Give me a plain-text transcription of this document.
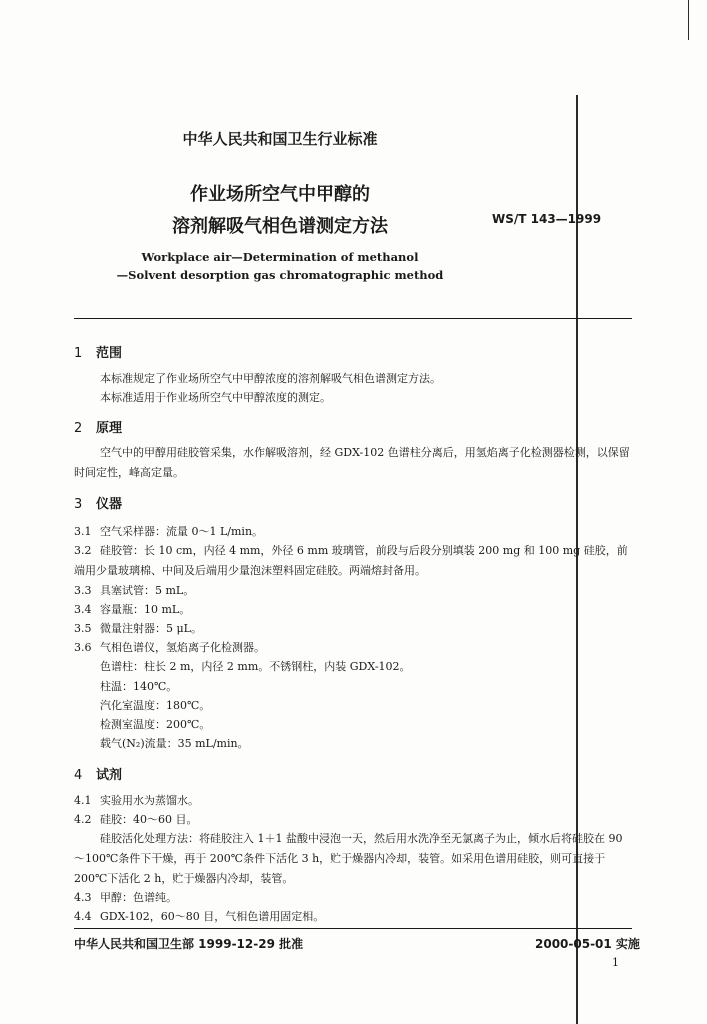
中华人民共和国卫生行业标准
作业场所空气中甲醇的
溶剂解吸气相色谱测定方法	WS/T 143—1999
Workplace air—Determination of methanol
—Solvent desorption gas chromatographic method
1 范围
本标准规定了作业场所空气中甲醇浓度的溶剂解吸气相色谱测定方法。
本标准适用于作业场所空气中甲醇浓度的测定。
2 原理
空气中的甲醇用硅胶管采集，水作解吸溶剂，经 GDX-102 色谱柱分离后，用氢焰离子化检测器检测，以保留时间定性，峰高定量。
3 仪器
3.1 空气采样器：流量 0～1 L/min。
3.2 硅胶管：长 10 cm，内径 4 mm，外径 6 mm 玻璃管，前段与后段分别填装 200 mg 和 100 mg 硅胶，前端用少量玻璃棉、中间及后端用少量泡沫塑料固定硅胶。两端熔封备用。
3.3 具塞试管：5 mL。
3.4 容量瓶：10 mL。
3.5 微量注射器：5 μL。
3.6 气相色谱仪，氢焰离子化检测器。
色谱柱：柱长 2 m，内径 2 mm。不锈钢柱，内装 GDX-102。
柱温：140℃。
汽化室温度：180℃。
检测室温度：200℃。
载气(N₂)流量：35 mL/min。
4 试剂
4.1 实验用水为蒸馏水。
4.2 硅胶：40～60 目。
硅胶活化处理方法：将硅胶注入 1＋1 盐酸中浸泡一天，然后用水洗净至无氯离子为止，倾水后将硅胶在 90～100℃条件下干燥，再于 200℃条件下活化 3 h，贮于燥器内冷却，装管。如采用色谱用硅胶，则可直接于 200℃下活化 2 h，贮于燥器内冷却，装管。
4.3 甲醇：色谱纯。
4.4 GDX-102，60～80 目，气相色谱用固定相。
中华人民共和国卫生部 1999-12-29 批准	2000-05-01 实施
1
